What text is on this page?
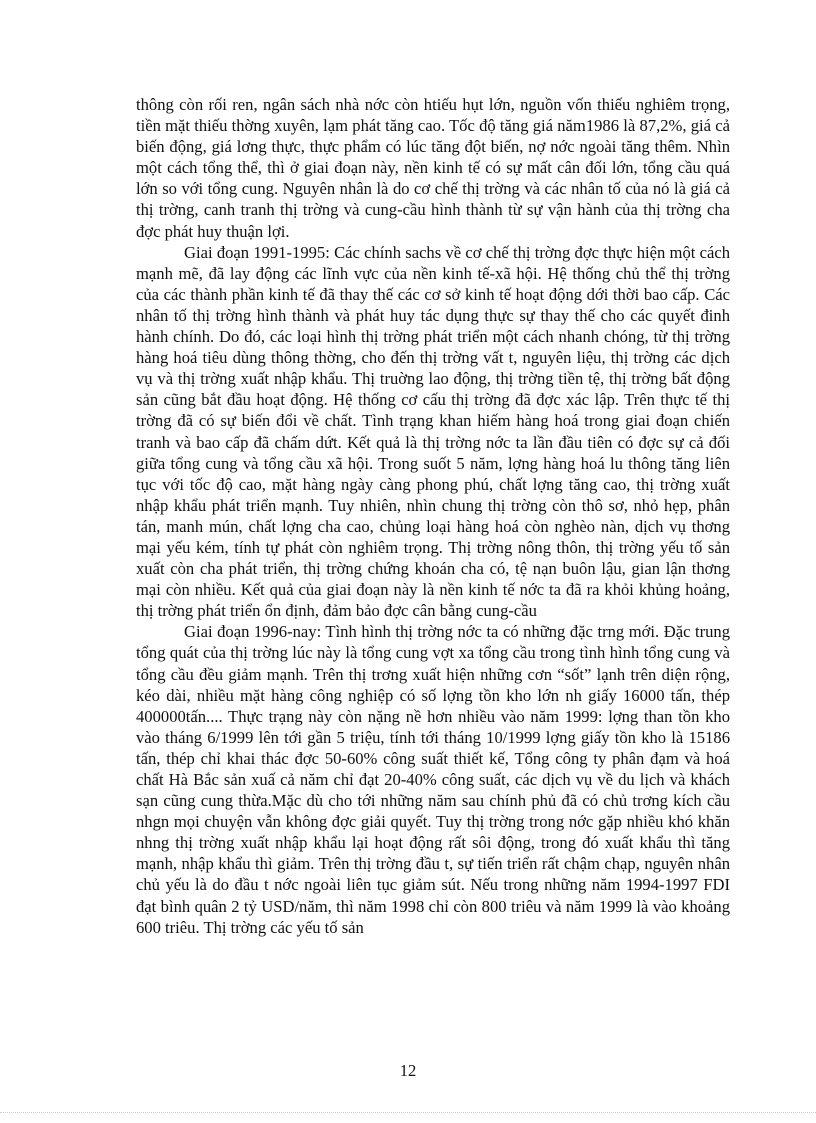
thông còn rối ren, ngân sách nhà nớc còn htiếu hụt lớn, nguồn vốn thiếu nghiêm trọng, tiền mặt thiếu thờng xuyên, lạm phát tăng cao. Tốc độ tăng giá năm1986 là 87,2%, giá cả biến động, giá lơng thực, thực phẩm có lúc tăng đột biến, nợ nớc ngoài tăng thêm. Nhìn một cách tổng thể, thì ở giai đoạn này, nền kinh tế có sự mất cân đối lớn, tổng cầu quá lớn so với tổng cung. Nguyên nhân là do cơ chế thị trờng và các nhân tố của nó là giá cả thị trờng, canh tranh thị trờng và cung-cầu hình thành từ sự vận hành của thị trờng cha đợc phát huy thuận lợi.

Giai đoạn 1991-1995: Các chính sachs về cơ chế thị trờng đợc thực hiện một cách mạnh mẽ, đã lay động các lĩnh vực của nền kinh tế-xã hội. Hệ thống chủ thể thị trờng của các thành phần kinh tế đã thay thế các cơ sở kinh tế hoạt động dới thời bao cấp. Các nhân tố thị trờng hình thành và phát huy tác dụng thực sự thay thế cho các quyết đinh hành chính. Do đó, các loại hình thị trờng phát triển một cách nhanh chóng, từ thị trờng hàng hoá tiêu dùng thông thờng, cho đến thị trờng vất t, nguyên liệu, thị trờng các dịch vụ và thị trờng xuất nhập khẩu. Thị truờng lao động, thị trờng tiền tệ, thị trờng bất động sản cũng bắt đầu hoạt động. Hệ thống cơ cấu thị trờng đã đợc xác lập. Trên thực tế thị trờng đã có sự biến đổi về chất. Tình trạng khan hiếm hàng hoá trong giai đoạn chiến tranh và bao cấp đã chấm dứt. Kết quả là thị trờng nớc ta lần đầu tiên có đợc sự cả đối giữa tổng cung và tổng cầu xã hội. Trong suốt 5 năm, lợng hàng hoá lu thông tăng liên tục với tốc độ cao, mặt hàng ngày càng phong phú, chất lợng tăng cao, thị trờng xuất nhập khẩu phát triển mạnh. Tuy nhiên, nhìn chung thị trờng còn thô sơ, nhỏ hẹp, phân tán, manh mún, chất lợng cha cao, chủng loại hàng hoá còn nghèo nàn, dịch vụ thơng mại yếu kém, tính tự phát còn nghiêm trọng. Thị trờng nông thôn, thị trờng yếu tố sản xuất còn cha phát triển, thị trờng chứng khoán cha có, tệ nạn buôn lậu, gian lận thơng mại còn nhiều. Kết quả của giai đoạn này là nền kinh tế nớc ta đã ra khỏi khủng hoảng, thị trờng phát triển ổn định, đảm bảo đợc cân bằng cung-cầu

Giai đoạn 1996-nay: Tình hình thị trờng nớc ta có những đặc trng mới. Đặc trung tổng quát của thị trờng lúc này là tổng cung vợt xa tổng cầu trong tình hình tổng cung và tổng cầu đều giảm mạnh. Trên thị trơng xuất hiện những cơn “sốt” lạnh trên diện rộng, kéo dài, nhiều mặt hàng công nghiệp có số lợng tồn kho lớn nh giấy 16000 tấn, thép 400000tấn.... Thực trạng này còn nặng nề hơn nhiều vào năm 1999: lợng than tồn kho vào tháng 6/1999 lên tới gần 5 triệu, tính tới tháng 10/1999 lợng giấy tồn kho là 15186 tấn, thép chỉ khai thác đợc 50-60% công suất thiết kế, Tổng công ty phân đạm và hoá chất Hà Bắc sản xuấ cả năm chỉ đạt 20-40% công suất, các dịch vụ về du lịch và khách sạn cũng cung thừa.Mặc dù cho tới những năm sau chính phủ đã có chủ trơng kích cầu nhgn mọi chuyện vẫn không đợc giải quyết. Tuy thị trờng trong nớc gặp nhiều khó khăn nhng thị trờng xuất nhập khẩu lại hoạt động rất sôi động, trong đó xuất khẩu thì tăng mạnh, nhập khẩu thì giảm. Trên thị trờng đầu t, sự tiến triển rất chậm chạp, nguyên nhân chủ yếu là do đầu t nớc ngoài liên tục giảm sút. Nếu trong những năm 1994-1997 FDI đạt bình quân 2 tỷ USD/năm, thì năm 1998 chỉ còn 800 triêu và năm 1999 là vào khoảng 600 triêu. Thị trờng các yếu tố sản

12
